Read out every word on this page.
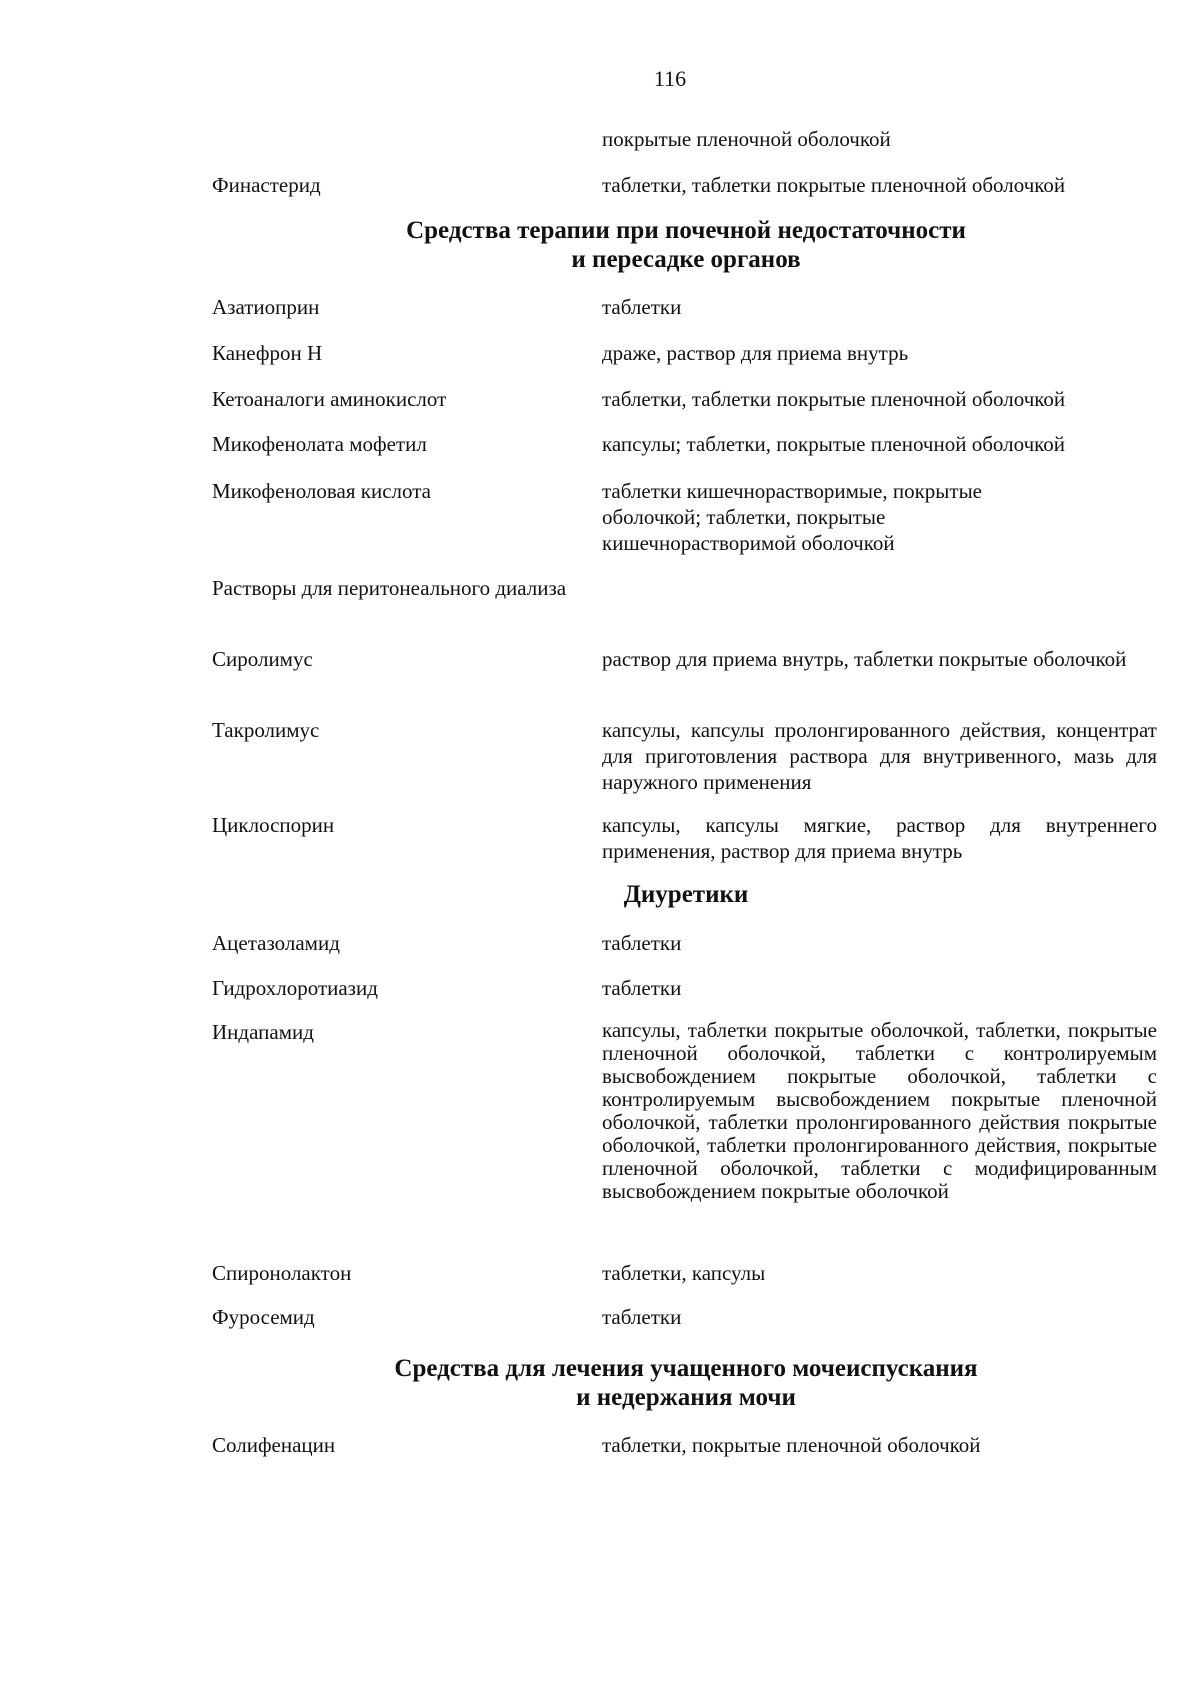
116
покрытые пленочной оболочкой
Финастерид	таблетки, таблетки покрытые пленочной оболочкой
Средства терапии при почечной недостаточности
и пересадке органов
Азатиоприн	таблетки
Канефрон Н	драже, раствор для приема внутрь
Кетоаналоги аминокислот	таблетки, таблетки покрытые пленочной оболочкой
Микофенолата мофетил	капсулы; таблетки, покрытые пленочной оболочкой
Микофеноловая кислота	таблетки кишечнорастворимые, покрытые оболочкой; таблетки, покрытые кишечнорастворимой оболочкой
Растворы для перитонеального диализа
Сиролимус	раствор для приема внутрь, таблетки покрытые оболочкой
Такролимус	капсулы, капсулы пролонгированного действия, концентрат для приготовления раствора для внутривенного, мазь для наружного применения
Циклоспорин	капсулы, капсулы мягкие, раствор для внутреннего применения, раствор для приема внутрь
Диуретики
Ацетазоламид	таблетки
Гидрохлоротиазид	таблетки
Индапамид	капсулы, таблетки покрытые оболочкой, таблетки, покрытые пленочной оболочкой, таблетки с контролируемым высвобождением покрытые оболочкой, таблетки с контролируемым высвобождением покрытые пленочной оболочкой, таблетки пролонгированного действия покрытые оболочкой, таблетки пролонгированного действия, покрытые пленочной оболочкой, таблетки с модифицированным высвобождением покрытые оболочкой
Спиронолактон	таблетки, капсулы
Фуросемид	таблетки
Средства для лечения учащенного мочеиспускания
и недержания мочи
Солифенацин	таблетки, покрытые пленочной оболочкой
